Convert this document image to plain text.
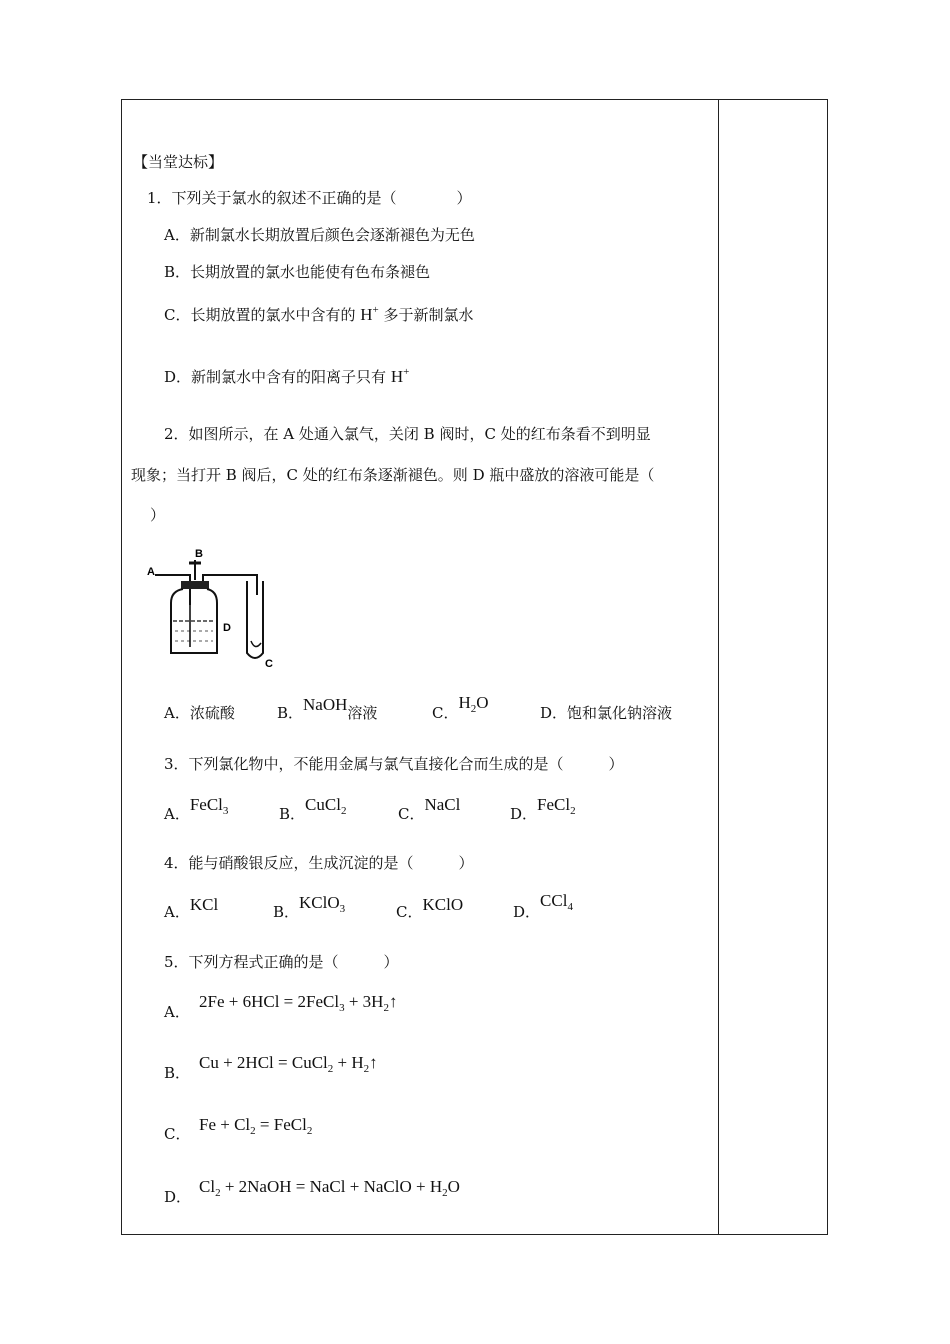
【当堂达标】
1．下列关于氯水的叙述不正确的是（　　　　）
A．新制氯水长期放置后颜色会逐渐褪色为无色
B．长期放置的氯水也能使有色布条褪色
C．长期放置的氯水中含有的 H+ 多于新制氯水
D．新制氯水中含有的阳离子只有 H+
2．如图所示，在 A 处通入氯气，关闭 B 阀时，C 处的红布条看不到明显
现象；当打开 B 阀后，C 处的红布条逐渐褪色。则 D 瓶中盛放的溶液可能是（
）
A
B
D
C
A．浓硫酸	B．NaOH溶液	C．$H_2O$
D．饱和氯化钠溶液
3．下列氯化物中，不能用金属与氯气直接化合而生成的是（　　　）
A．FeCl$_3$	B．CuCl$_2$	C．NaCl	D．FeCl$_2$
4．能与硝酸银反应，生成沉淀的是（　　　）
A．KCl	B．KClO$_3$	C．KClO	D．CCl$_4$
5．下列方程式正确的是（　　　）
A．
2Fe + 6HCl = 2FeCl$_3$ + $3H_2↑$
B．
Cu + 2HCl = CuCl$_2$ + $H_2↑$
C． $Fe + Cl_2$ = FeCl$_2$
D．
$Cl_2$ + 2NaOH = NaCl + NaClO + $H_2O$
